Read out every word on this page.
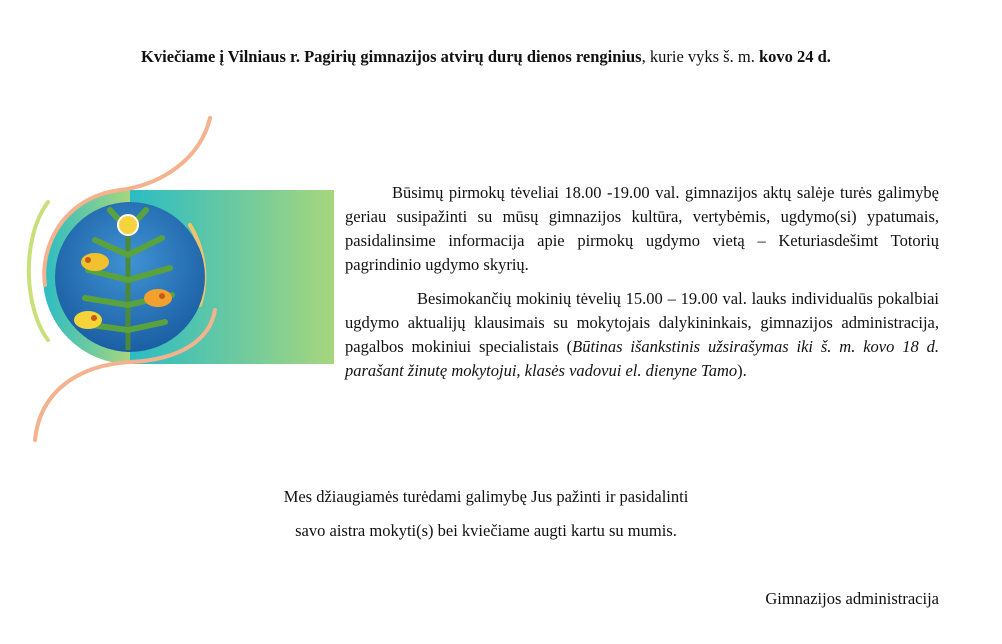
Kviečiame į Vilniaus r. Pagirių gimnazijos atvirų durų dienos renginius, kurie vyks š. m. kovo 24 d.

Būsimų pirmokų tėveliai 18.00 -19.00 val. gimnazijos aktų salėje turės galimybę geriau susipažinti su mūsų gimnazijos kultūra, vertybėmis, ugdymo(si) ypatumais, pasidalinsime informacija apie pirmokų ugdymo vietą – Keturiasdešimt Totorių pagrindinio ugdymo skyrių.

Besimokančių mokinių tėvelių 15.00 – 19.00 val. lauks individualūs pokalbiai ugdymo aktualijų klausimais su mokytojais dalykininkais, gimnazijos administracija, pagalbos mokiniui specialistais (Būtinas išankstinis užsirašymas iki š. m. kovo 18 d. parašant žinutę mokytojui, klasės vadovui el. dienyne Tamo).

Mes džiaugiamės turėdami galimybę Jus pažinti ir pasidalinti
savo aistra mokyti(s) bei kviečiame augti kartu su mumis.
Gimnazijos administracija
